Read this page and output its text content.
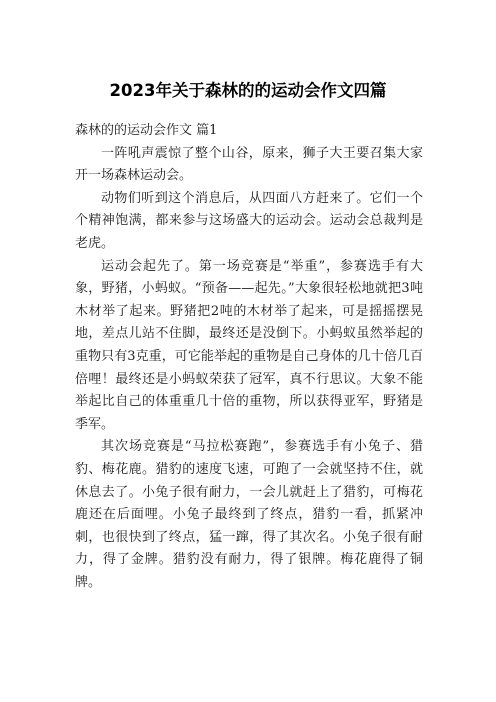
2023年关于森林的的运动会作文四篇

森林的的运动会作文 篇1

一阵吼声震惊了整个山谷，原来，狮子大王要召集大家开一场森林运动会。

动物们听到这个消息后，从四面八方赶来了。它们一个个精神饱满，都来参与这场盛大的运动会。运动会总裁判是老虎。

运动会起先了。第一场竞赛是“举重”，参赛选手有大象，野猪，小蚂蚁。“预备——起先。”大象很轻松地就把3吨木材举了起来。野猪把2吨的木材举了起来，可是摇摇摆晃地，差点儿站不住脚，最终还是没倒下。小蚂蚁虽然举起的重物只有3克重，可它能举起的重物是自己身体的几十倍几百倍哩！最终还是小蚂蚁荣获了冠军，真不行思议。大象不能举起比自己的体重重几十倍的重物，所以获得亚军，野猪是季军。

其次场竞赛是“马拉松赛跑”，参赛选手有小兔子、猎豹、梅花鹿。猎豹的速度飞速，可跑了一会就坚持不住，就休息去了。小兔子很有耐力，一会儿就赶上了猎豹，可梅花鹿还在后面哩。小兔子最终到了终点，猎豹一看，抓紧冲刺，也很快到了终点，猛一蹿，得了其次名。小兔子很有耐力，得了金牌。猎豹没有耐力，得了银牌。梅花鹿得了铜牌。
